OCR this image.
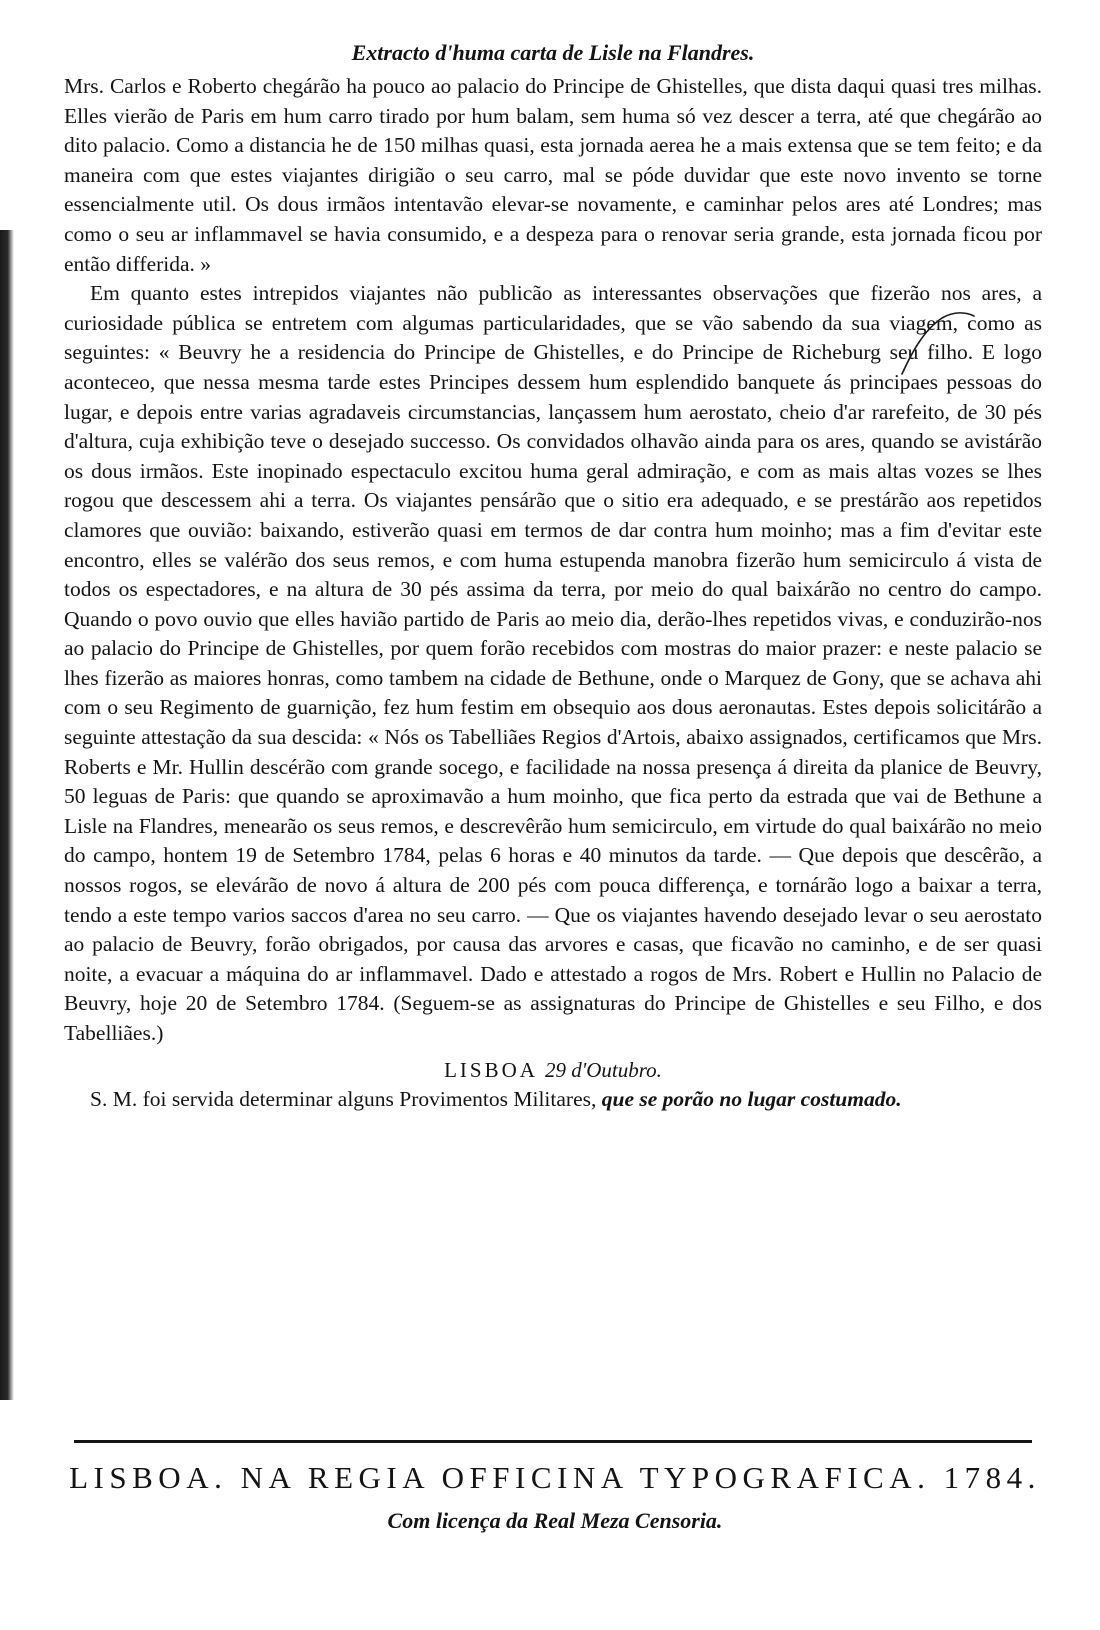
Extracto d'huma carta de Lisle na Flandres.

Mrs. Carlos e Roberto chegárão ha pouco ao palacio do Principe de Ghistelles, que dista daqui quasi tres milhas. Elles vierão de Paris em hum carro tirado por hum balam, sem huma só vez descer a terra, até que chegárão ao dito palacio. Como a distancia he de 150 milhas quasi, esta jornada aerea he a mais extensa que se tem feito; e da maneira com que estes viajantes dirigião o seu carro, mal se póde duvidar que este novo invento se torne essencialmente util. Os dous irmãos intentavão elevar-se novamente, e caminhar pelos ares até Londres; mas como o seu ar inflammavel se havia consumido, e a despeza para o renovar seria grande, esta jornada ficou por então differida. »

Em quanto estes intrepidos viajantes não publicão as interessantes observações que fizerão nos ares, a curiosidade pública se entretem com algumas particularidades, que se vão sabendo da sua viagem, como as seguintes: « Beuvry he a residencia do Principe de Ghistelles, e do Principe de Richeburg seu filho. E logo aconteceo, que nessa mesma tarde estes Principes dessem hum esplendido banquete ás principaes pessoas do lugar, e depois entre varias agradaveis circumstancias, lançassem hum aerostato, cheio d'ar rarefeito, de 30 pés d'altura, cuja exhibição teve o desejado successo. Os convidados olhavão ainda para os ares, quando se avistárão os dous irmãos. Este inopinado espectaculo excitou huma geral admiração, e com as mais altas vozes se lhes rogou que descessem ahi a terra. Os viajantes pensárão que o sitio era adequado, e se prestárão aos repetidos clamores que ouvião: baixando, estiverão quasi em termos de dar contra hum moinho; mas a fim d'evitar este encontro, elles se valérão dos seus remos, e com huma estupenda manobra fizerão hum semicirculo á vista de todos os espectadores, e na altura de 30 pés assima da terra, por meio do qual baixárão no centro do campo. Quando o povo ouvio que elles havião partido de Paris ao meio dia, derão-lhes repetidos vivas, e conduzirão-nos ao palacio do Principe de Ghistelles, por quem forão recebidos com mostras do maior prazer: e neste palacio se lhes fizerão as maiores honras, como tambem na cidade de Bethune, onde o Marquez de Gony, que se achava ahi com o seu Regimento de guarnição, fez hum festim em obsequio aos dous aeronautas. Estes depois solicitárão a seguinte attestação da sua descida: « Nós os Tabelliães Regios d'Artois, abaixo assignados, certificamos que Mrs. Roberts e Mr. Hullin descérão com grande socego, e facilidade na nossa presença á direita da planice de Beuvry, 50 leguas de Paris: que quando se aproximavão a hum moinho, que fica perto da estrada que vai de Bethune a Lisle na Flandres, menearão os seus remos, e descrevêrão hum semicirculo, em virtude do qual baixárão no meio do campo, hontem 19 de Setembro 1784, pelas 6 horas e 40 minutos da tarde. — Que depois que descêrão, a nossos rogos, se elevárão de novo á altura de 200 pés com pouca differença, e tornárão logo a baixar a terra, tendo a este tempo varios saccos d'area no seu carro. — Que os viajantes havendo desejado levar o seu aerostato ao palacio de Beuvry, forão obrigados, por causa das arvores e casas, que ficavão no caminho, e de ser quasi noite, a evacuar a máquina do ar inflammavel. Dado e attestado a rogos de Mrs. Robert e Hullin no Palacio de Beuvry, hoje 20 de Setembro 1784. (Seguem-se as assignaturas do Principe de Ghistelles e seu Filho, e dos Tabelliães.)

LISBOA 29 d'Outubro.

S. M. foi servida determinar alguns Provimentos Militares, que se porão no lugar costumado.

LISBOA. NA REGIA OFFICINA TYPOGRAFICA. 1784.
Com licença da Real Meza Censoria.
